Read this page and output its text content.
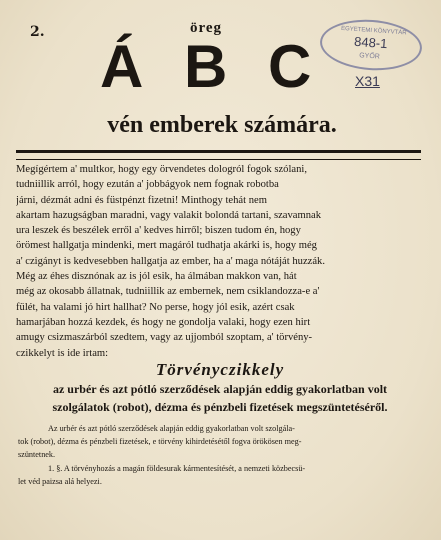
2.	öreg
Á B C
vén emberek számára.
EGYETEMI KÖNYVTÁR
848-1
GYŐR
X31
Megígértem a' multkor, hogy egy örvendetes dologról fogok szólani,
tudniillik arról, hogy ezután a' jobbágyok nem fognak robotba
járni, dézmát adni és füstpénzt fizetni! Minthogy tehát nem
akartam hazugságban maradni, vagy valakit bolondá tartani, szavamnak
ura leszek és beszélek erről a' kedves hirről; biszen tudom én, hogy
örömest hallgatja mindenki, mert magáról tudhatja akárki is, hogy még
a' czigányt is kedvesebben hallgatja az ember, ha a' maga nótáját huzzák.
Még az éhes disznónak az is jól esik, ha álmában makkon van, hát
még az okosabb állatnak, tudniillik az embernek, nem csiklandozza-e a'
fülét, ha valami jó hirt hallhat? No perse, hogy jól esik, azért csak
hamarjában hozzá kezdek, és hogy ne gondolja valaki, hogy ezen hirt
amugy csizmaszárból szedtem, vagy az ujjomból szoptam, a' törvény-
czikkelyt is ide irtam:
Törvényczikkely
az urbér és azt pótló szerződések alapján eddig gyakorlatban volt
szolgálatok (robot), dézma és pénzbeli fizetések megszüntetéséről.
Az urbér és azt pótló szerződések alapján eddig gyakorlatban volt szolgála-
tok (robot), dézma és pénzbeli fizetések, e törvény kihirdetésétől fogva örökösen meg-
szüntetnek.
1. §. A törvényhozás a magán földesurak kármentesítését, a nemzeti közbecsü-
let véd paizsa alá helyezi.
